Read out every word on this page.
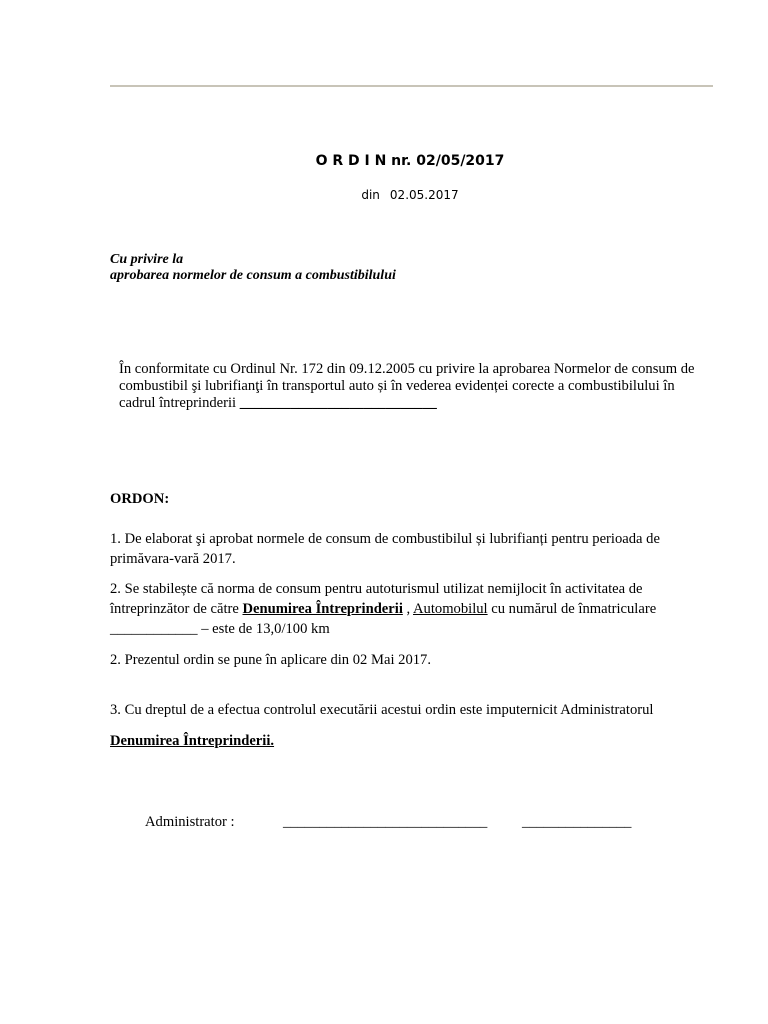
O R D I N nr. 02/05/2017
din 02.05.2017
Cu privire la
aprobarea normelor de consum a combustibilului
În conformitate cu Ordinul Nr. 172 din 09.12.2005 cu privire la aprobarea Normelor de consum de combustibil şi lubrifianţi în transportul auto și în vederea evidenței corecte a combustibilului în cadrul întreprinderii ___________________________
ORDON:
1. De elaborat şi aprobat normele de consum de combustibilul și lubrifianți pentru perioada de primăvara-vară 2017.
2. Se stabilește că norma de consum pentru autoturismul utilizat nemijlocit în activitatea de întreprinzător de către Denumirea Întreprinderii , Automobilul cu numărul de înmatriculare ____________ – este de 13,0/100 km
2. Prezentul ordin se pune în aplicare din 02 Mai 2017.
3. Cu dreptul de a efectua controlul executării acestui ordin este imputernicit Administratorul
Denumirea Întreprinderii.
Administrator :	____________________________ _______________
